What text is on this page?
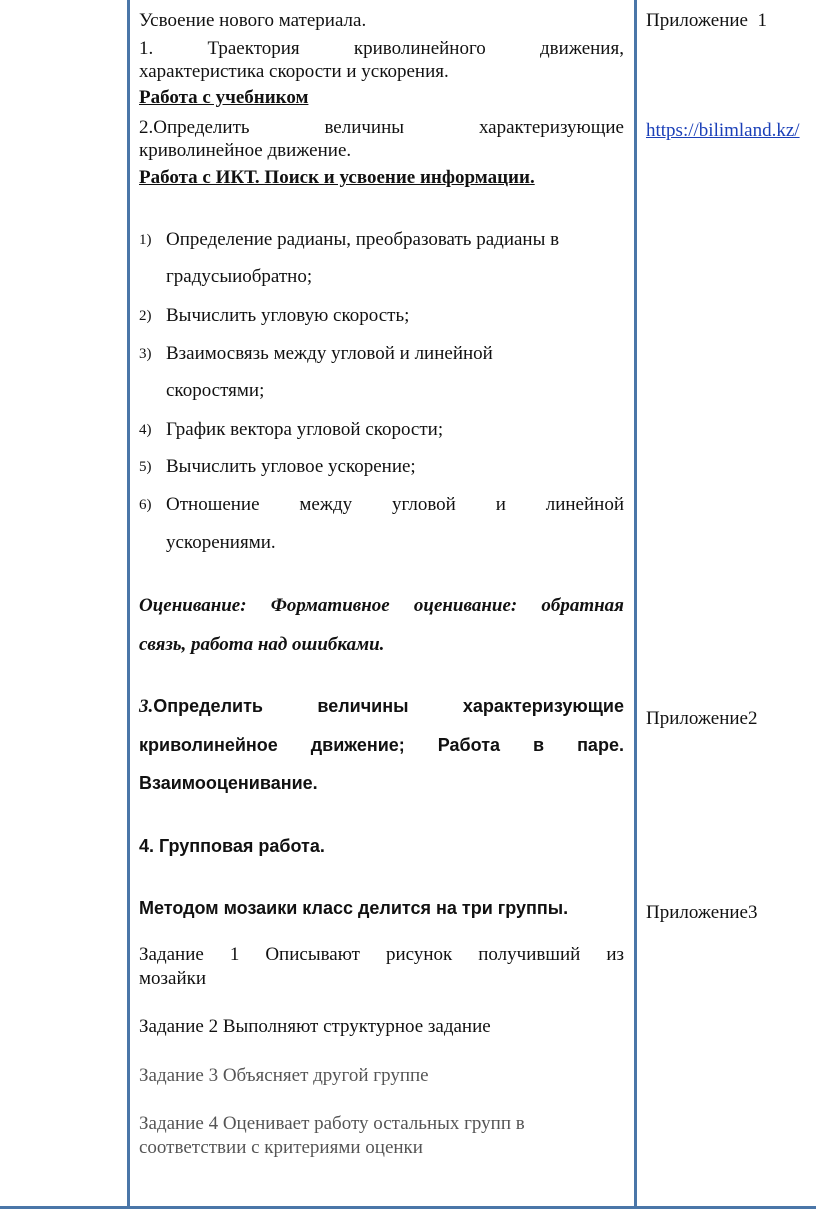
Усвоение нового материала.
1.	Траектория	криволинейного	движения,
характеристика скорости и ускорения.
Работа с учебником
2.Определить	величины	характеризующие
криволинейное движение.
Работа с ИКТ. Поиск и усвоение информации.
1) Определение радианы, преобразовать радианы в
градусыиобратно;
2) Вычислить угловую скорость;
3) Взаимосвязь между угловой и линейной
скоростями;
4) График вектора угловой скорости;
5) Вычислить угловое ускорение;
6) Отношение между угловой и линейной
ускорениями.
Оценивание: Формативное оценивание: обратная
связь, работа над ошибками.
3.Определить	величины	характеризующие
криволинейное движение; Работа в паре.
Взаимооценивание.
4. Групповая работа.
Методом мозаики класс делится на три группы.
Задание 1 Описывают рисунок получивший из
мозайки
Задание 2 Выполняют структурное задание
Задание 3 Объясняет другой группе
Задание 4 Оценивает работу остальных групп в
соответствии с критериями оценки
Приложение  1
https://bilimland.kz/
Приложение2
Приложение3
